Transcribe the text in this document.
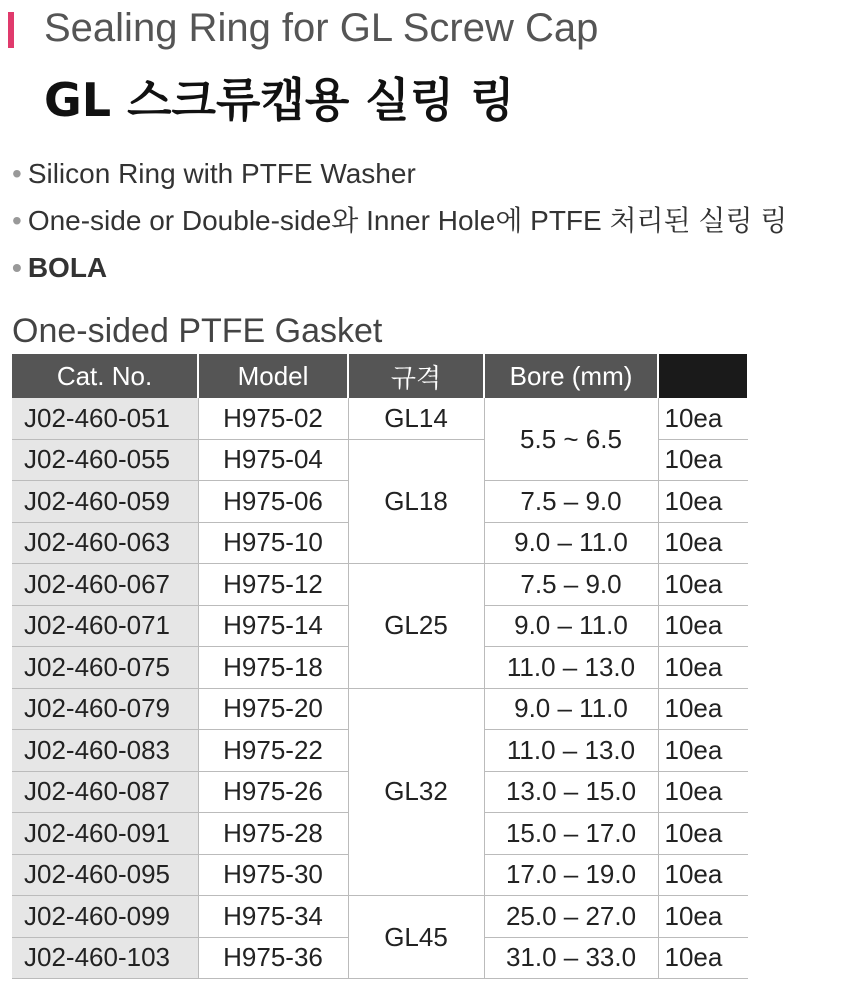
Sealing Ring for GL Screw Cap
GL 스크류캡용 실링 링
• Silicon Ring with PTFE Washer
• One-side or Double-side와 Inner Hole에 PTFE 처리된 실링 링
• BOLA
One-sided PTFE Gasket
Cat. No.	Model	규격	Bore (mm)	
J02-460-051	H975-02	GL14	5.5 ~ 6.5	10ea
J02-460-055	H975-04	GL18		10ea
J02-460-059	H975-06		7.5 – 9.0	10ea
J02-460-063	H975-10		9.0 – 11.0	10ea
J02-460-067	H975-12	GL25	7.5 – 9.0	10ea
J02-460-071	H975-14		9.0 – 11.0	10ea
J02-460-075	H975-18		11.0 – 13.0	10ea
J02-460-079	H975-20	GL32	9.0 – 11.0	10ea
J02-460-083	H975-22		11.0 – 13.0	10ea
J02-460-087	H975-26		13.0 – 15.0	10ea
J02-460-091	H975-28		15.0 – 17.0	10ea
J02-460-095	H975-30		17.0 – 19.0	10ea
J02-460-099	H975-34	GL45	25.0 – 27.0	10ea
J02-460-103	H975-36		31.0 – 33.0	10ea
